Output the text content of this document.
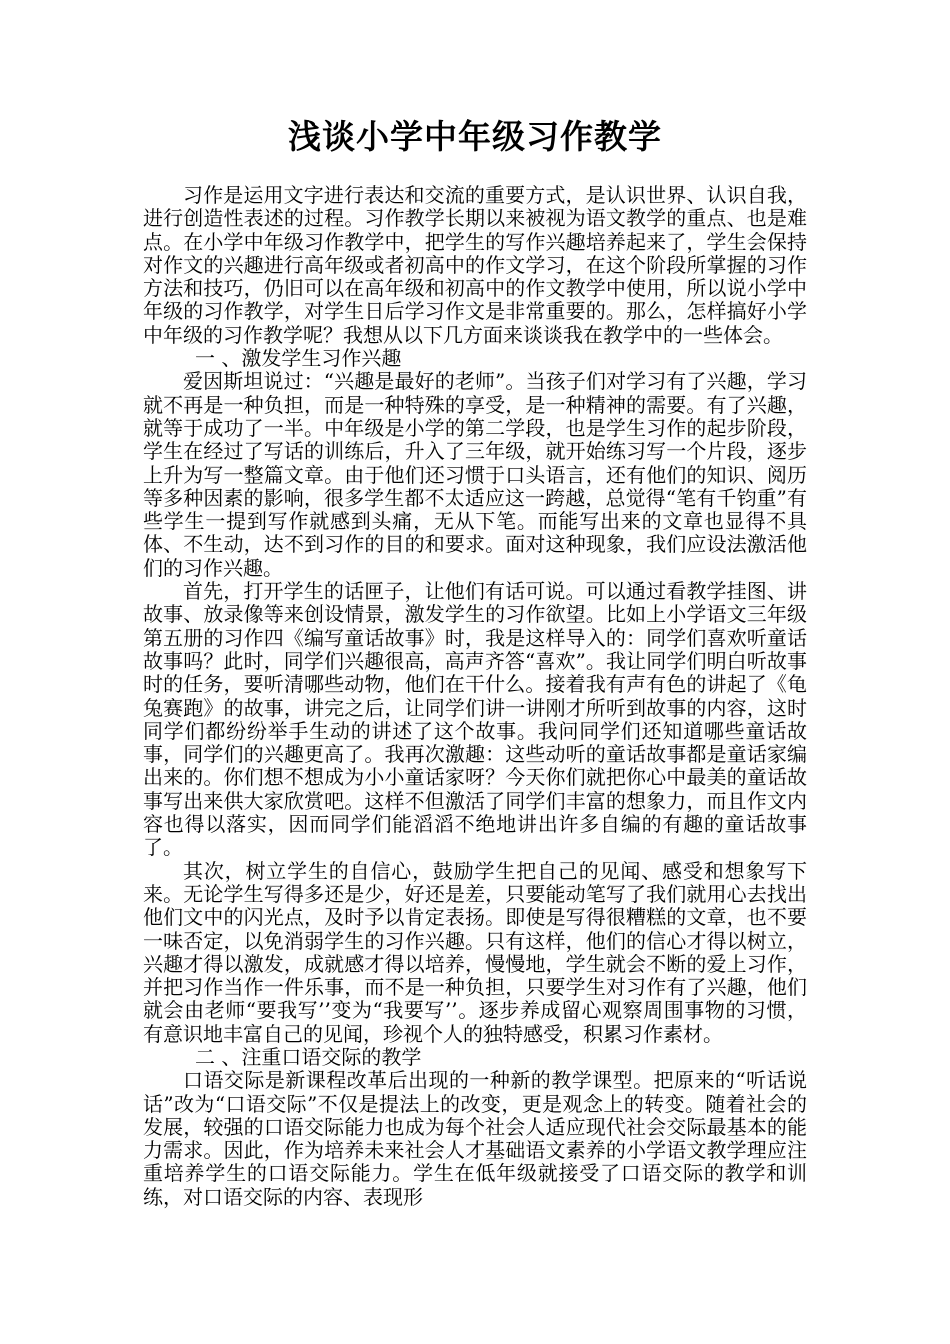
浅谈小学中年级习作教学

习作是运用文字进行表达和交流的重要方式，是认识世界、认识自我，进行创造性表述的过程。习作教学长期以来被视为语文教学的重点、也是难点。在小学中年级习作教学中，把学生的写作兴趣培养起来了，学生会保持对作文的兴趣进行高年级或者初高中的作文学习，在这个阶段所掌握的习作方法和技巧，仍旧可以在高年级和初高中的作文教学中使用，所以说小学中年级的习作教学，对学生日后学习作文是非常重要的。那么，怎样搞好小学中年级的习作教学呢？我想从以下几方面来谈谈我在教学中的一些体会。

一 、激发学生习作兴趣

爱因斯坦说过：“兴趣是最好的老师”。当孩子们对学习有了兴趣，学习就不再是一种负担，而是一种特殊的享受，是一种精神的需要。有了兴趣，就等于成功了一半。中年级是小学的第二学段，也是学生习作的起步阶段，学生在经过了写话的训练后，升入了三年级，就开始练习写一个片段，逐步上升为写一整篇文章。由于他们还习惯于口头语言，还有他们的知识、阅历等多种因素的影响，很多学生都不太适应这一跨越，总觉得“笔有千钧重”有些学生一提到写作就感到头痛，无从下笔。而能写出来的文章也显得不具体、不生动，达不到习作的目的和要求。面对这种现象，我们应设法激活他们的习作兴趣。

首先，打开学生的话匣子，让他们有话可说。可以通过看教学挂图、讲故事、放录像等来创设情景，激发学生的习作欲望。比如上小学语文三年级第五册的习作四《编写童话故事》时，我是这样导入的：同学们喜欢听童话故事吗？此时，同学们兴趣很高，高声齐答“喜欢”。我让同学们明白听故事时的任务，要听清哪些动物，他们在干什么。接着我有声有色的讲起了《龟兔赛跑》的故事，讲完之后，让同学们讲一讲刚才所听到故事的内容，这时同学们都纷纷举手生动的讲述了这个故事。我问同学们还知道哪些童话故事，同学们的兴趣更高了。我再次激趣：这些动听的童话故事都是童话家编出来的。你们想不想成为小小童话家呀？今天你们就把你心中最美的童话故事写出来供大家欣赏吧。这样不但激活了同学们丰富的想象力，而且作文内容也得以落实，因而同学们能滔滔不绝地讲出许多自编的有趣的童话故事了。

其次，树立学生的自信心，鼓励学生把自己的见闻、感受和想象写下来。无论学生写得多还是少，好还是差，只要能动笔写了我们就用心去找出他们文中的闪光点，及时予以肯定表扬。即使是写得很糟糕的文章，也不要一味否定，以免消弱学生的习作兴趣。只有这样，他们的信心才得以树立，兴趣才得以激发，成就感才得以培养，慢慢地，学生就会不断的爱上习作，并把习作当作一件乐事，而不是一种负担，只要学生对习作有了兴趣，他们就会由老师“要我写’’变为“我要写’’。逐步养成留心观察周围事物的习惯，有意识地丰富自己的见闻，珍视个人的独特感受，积累习作素材。

二 、注重口语交际的教学

口语交际是新课程改革后出现的一种新的教学课型。把原来的“听话说话”改为“口语交际”不仅是提法上的改变，更是观念上的转变。随着社会的发展，较强的口语交际能力也成为每个社会人适应现代社会交际最基本的能力需求。因此，作为培养未来社会人才基础语文素养的小学语文教学理应注重培养学生的口语交际能力。学生在低年级就接受了口语交际的教学和训练，对口语交际的内容、表现形
